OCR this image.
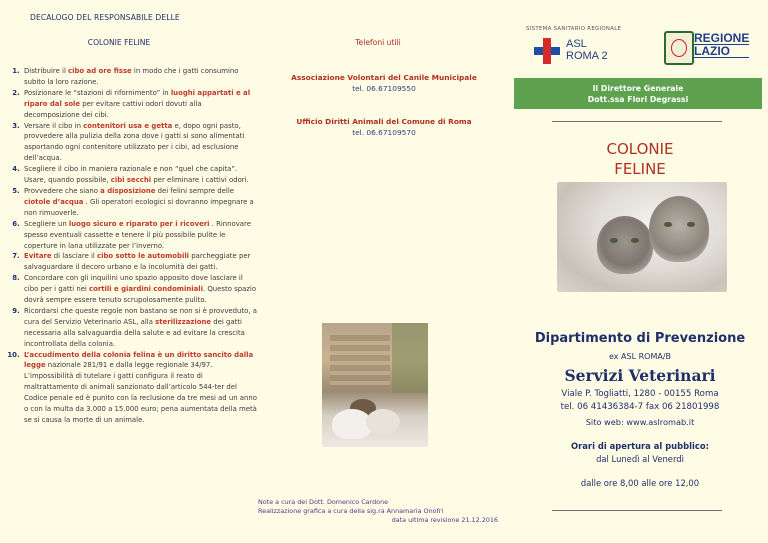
DECALOGO DEL RESPONSABILE DELLE
COLONIE FELINE
1. Distribuire il cibo ad ore fisse in modo che i gatti consumino subito la loro razione.
2. Posizionare le “stazioni di rifornimento” in luoghi appartati e al riparo dal sole per evitare cattivi odori dovuti alla decomposizione dei cibi.
3. Versare il cibo in contenitori usa e getta e, dopo ogni pasto, provvedere alla pulizia della zona dove i gatti si sono alimentati asportando ogni contenitore utilizzato per i cibi, ad esclusione dell’acqua.
4. Scegliere il cibo in maniera razionale e non “quel che capita”. Usare, quando possibile, cibi secchi per eliminare i cattivi odori.
5. Provvedere che siano a disposizione dei felini sempre delle ciotole d’acqua . Gli operatori ecologici si dovranno impegnare a non rimuoverle.
6. Scegliere un luogo sicuro e riparato per i ricoveri . Rinnovare spesso eventuali cassette e tenere il più possibile pulite le coperture in lana utilizzate per l’inverno.
7. Evitare di lasciare il cibo sotto le automobili parcheggiate per salvaguardare il decoro urbano e la incolumità dei gatti.
8. Concordare con gli inquilini uno spazio apposito dove lasciare il cibo per i gatti nei cortili e giardini condominiali. Questo spazio dovrà sempre essere tenuto scrupolosamente pulito.
9. Ricordarsi che queste regole non bastano se non si è provveduto, a cura del Servizio Veterinario ASL, alla sterilizzazione dei gatti necessaria alla salvaguardia della salute e ad evitare la crescita incontrollata della colonia.
10. L’accudimento della colonia felina è un diritto sancito dalla legge nazionale 281/91 e dalla legge regionale 34/97. L’impossibilità di tutelare i gatti configura il reato di maltrattamento di animali sanzionato dall’articolo 544-ter del Codice penale ed è punito con la reclusione da tre mesi ad un anno o con la multa da 3.000 a 15.000 euro; pena aumentata della metà se si causa la morte di un animale.
Telefoni utili
Associazione Volontari del Canile Municipale
tel. 06.67109550
Ufficio Diritti Animali del Comune di Roma
tel. 06.67109570
Note a cura del Dott. Domenico Cardone
Realizzazione grafica a cura della sig.ra Annamaria Onofri
data ultima revisione 21.12.2016
SISTEMA SANITARIO REGIONALE
ASL
ROMA 2
REGIONE
LAZIO
Il Direttore Generale
Dott.ssa Flori Degrassi
COLONIE
FELINE
Dipartimento di Prevenzione
ex ASL ROMA/B
Servizi Veterinari
Viale P. Togliatti, 1280 - 00155 Roma
tel. 06 41436384-7 fax 06 21801998
Sito web: www.aslromab.it
Orari di apertura al pubblico:
dal Lunedì al Venerdì
dalle ore 8,00 alle ore 12,00
